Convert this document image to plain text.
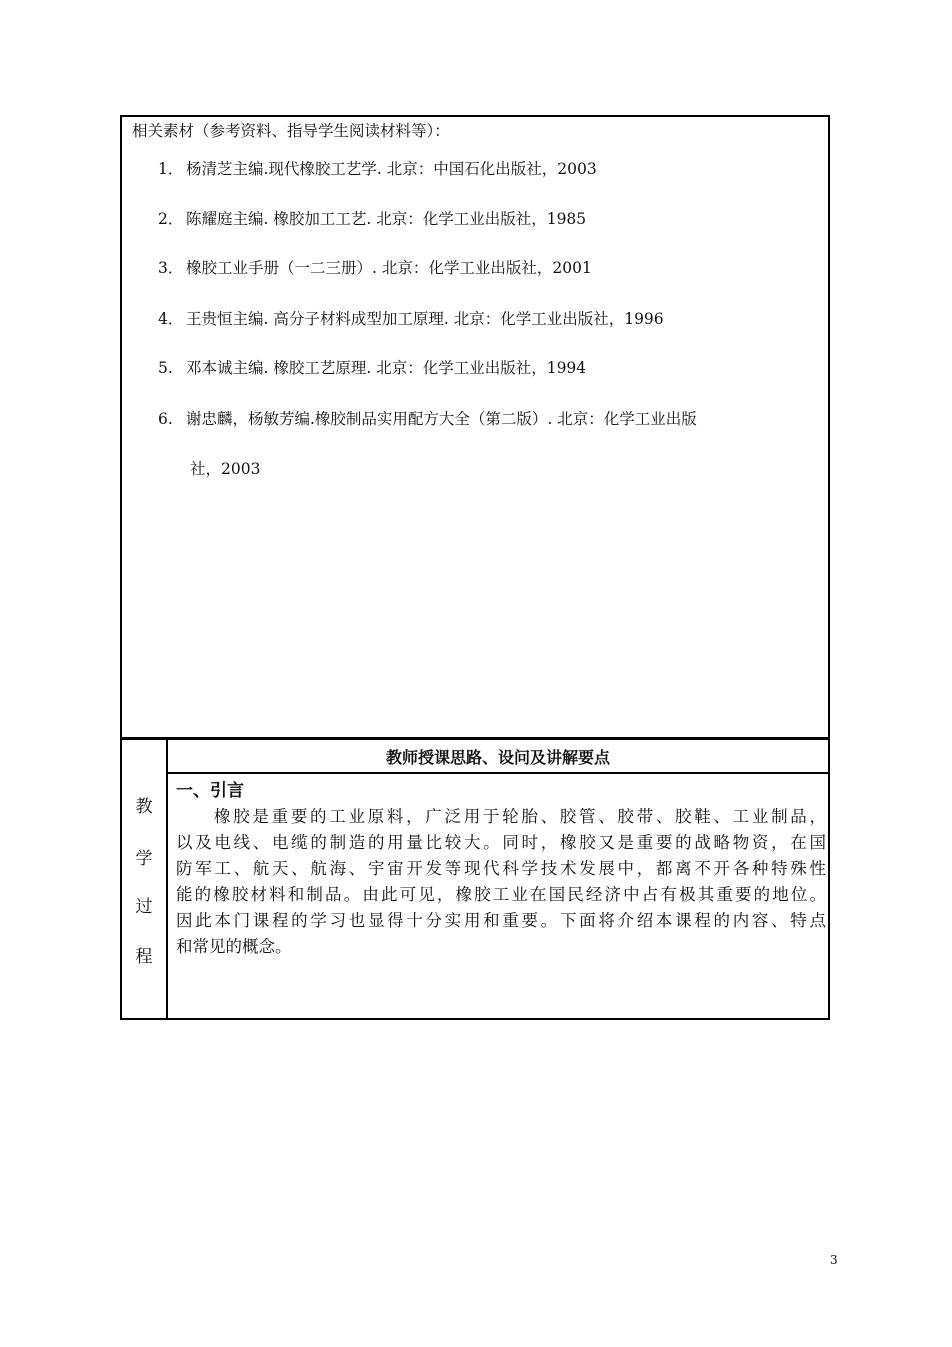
相关素材（参考资料、指导学生阅读材料等）：
1． 杨清芝主编.现代橡胶工艺学. 北京：中国石化出版社，2003
2． 陈耀庭主编. 橡胶加工工艺. 北京：化学工业出版社，1985
3． 橡胶工业手册（一二三册）. 北京：化学工业出版社，2001
4． 王贵恒主编. 高分子材料成型加工原理. 北京：化学工业出版社，1996
5. 邓本诚主编. 橡胶工艺原理. 北京：化学工业出版社，1994
6. 谢忠麟，杨敏芳编.橡胶制品实用配方大全（第二版）. 北京：化学工业出版
社，2003
教
学
过
程
教师授课思路、设问及讲解要点
一、引言
橡胶是重要的工业原料，广泛用于轮胎、胶管、胶带、胶鞋、工业制品，
以及电线、电缆的制造的用量比较大。同时，橡胶又是重要的战略物资，在国
防军工、航天、航海、宇宙开发等现代科学技术发展中，都离不开各种特殊性
能的橡胶材料和制品。由此可见，橡胶工业在国民经济中占有极其重要的地位。
因此本门课程的学习也显得十分实用和重要。下面将介绍本课程的内容、特点
和常见的概念。
3
